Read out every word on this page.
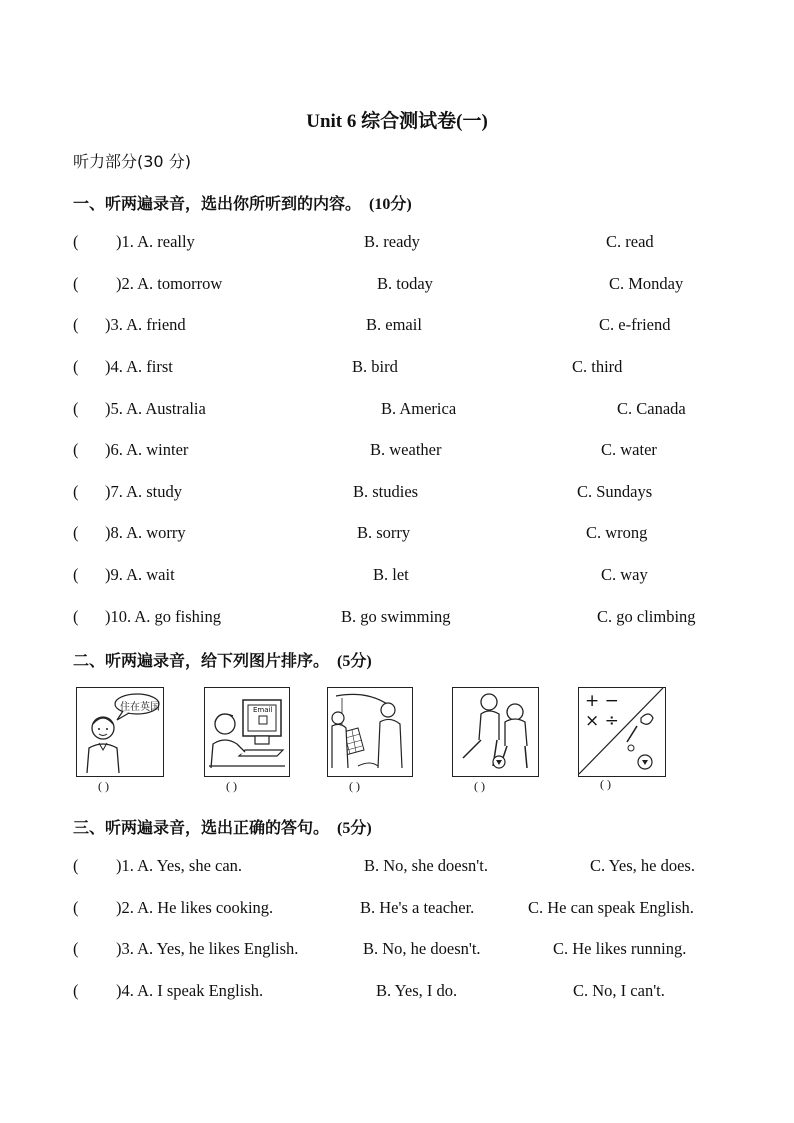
Unit 6 综合测试卷(一)
听力部分(30 分)
一、听两遍录音，选出你所听到的内容。 (10分)
( )1. A. really	B. ready	C. read
( )2. A. tomorrow	B. today	C. Monday
( )3. A. friend	B. email	C. e-friend
( )4. A. first	B. bird	C. third
( )5. A. Australia	B. America	C. Canada
( )6. A. winter	B. weather	C. water
( )7. A. study	B. studies	C. Sundays
( )8. A. worry	B. sorry	C. wrong
( )9. A. wait	B. let	C. way
( )10. A. go fishing	B. go swimming	C. go climbing
二、听两遍录音，给下列图片排序。 (5分)
住在英国
( )
Email
( )	( )	( )
+ − × ÷
( )
三、听两遍录音，选出正确的答句。 (5分)
( )1. A. Yes, she can.	B. No, she doesn't.	C. Yes, he does.
( )2. A. He likes cooking.	B. He's a teacher.	C. He can speak English.
( )3. A. Yes, he likes English.	B. No, he doesn't.	C. He likes running.
( )4. A. I speak English.	B. Yes, I do.	C. No, I can't.
